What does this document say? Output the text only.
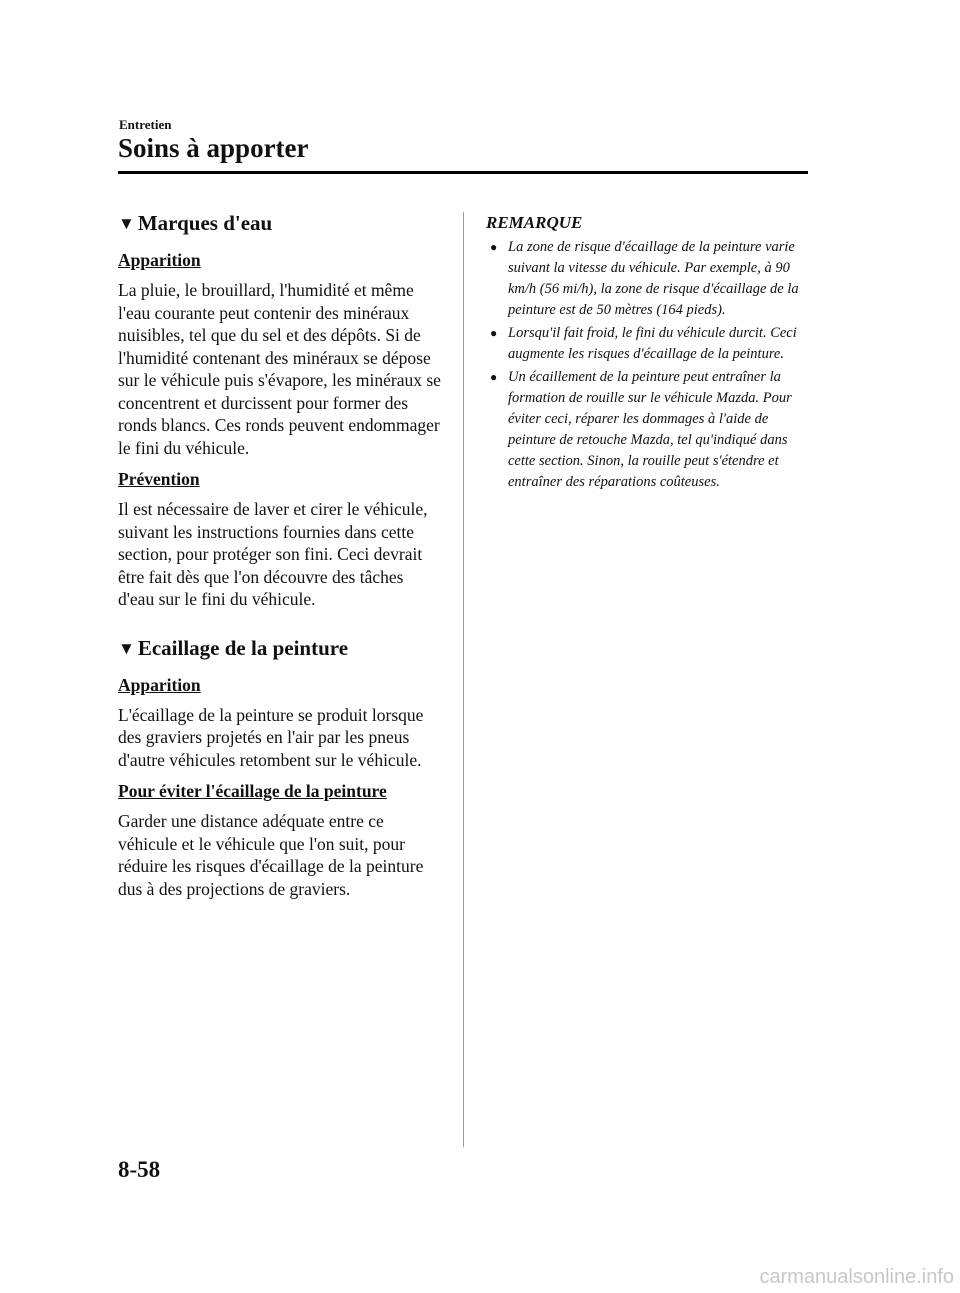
Entretien
Soins à apporter
▼ Marques d'eau
Apparition
La pluie, le brouillard, l'humidité et même l'eau courante peut contenir des minéraux nuisibles, tel que du sel et des dépôts. Si de l'humidité contenant des minéraux se dépose sur le véhicule puis s'évapore, les minéraux se concentrent et durcissent pour former des ronds blancs. Ces ronds peuvent endommager le fini du véhicule.
Prévention
Il est nécessaire de laver et cirer le véhicule, suivant les instructions fournies dans cette section, pour protéger son fini. Ceci devrait être fait dès que l'on découvre des tâches d'eau sur le fini du véhicule.
▼ Ecaillage de la peinture
Apparition
L'écaillage de la peinture se produit lorsque des graviers projetés en l'air par les pneus d'autre véhicules retombent sur le véhicule.
Pour éviter l'écaillage de la peinture
Garder une distance adéquate entre ce véhicule et le véhicule que l'on suit, pour réduire les risques d'écaillage de la peinture dus à des projections de graviers.
REMARQUE
● La zone de risque d'écaillage de la peinture varie suivant la vitesse du véhicule. Par exemple, à 90 km/h (56 mi/h), la zone de risque d'écaillage de la peinture est de 50 mètres (164 pieds).
● Lorsqu'il fait froid, le fini du véhicule durcit. Ceci augmente les risques d'écaillage de la peinture.
● Un écaillement de la peinture peut entraîner la formation de rouille sur le véhicule Mazda. Pour éviter ceci, réparer les dommages à l'aide de peinture de retouche Mazda, tel qu'indiqué dans cette section. Sinon, la rouille peut s'étendre et entraîner des réparations coûteuses.
8-58
carmanualsonline.info
